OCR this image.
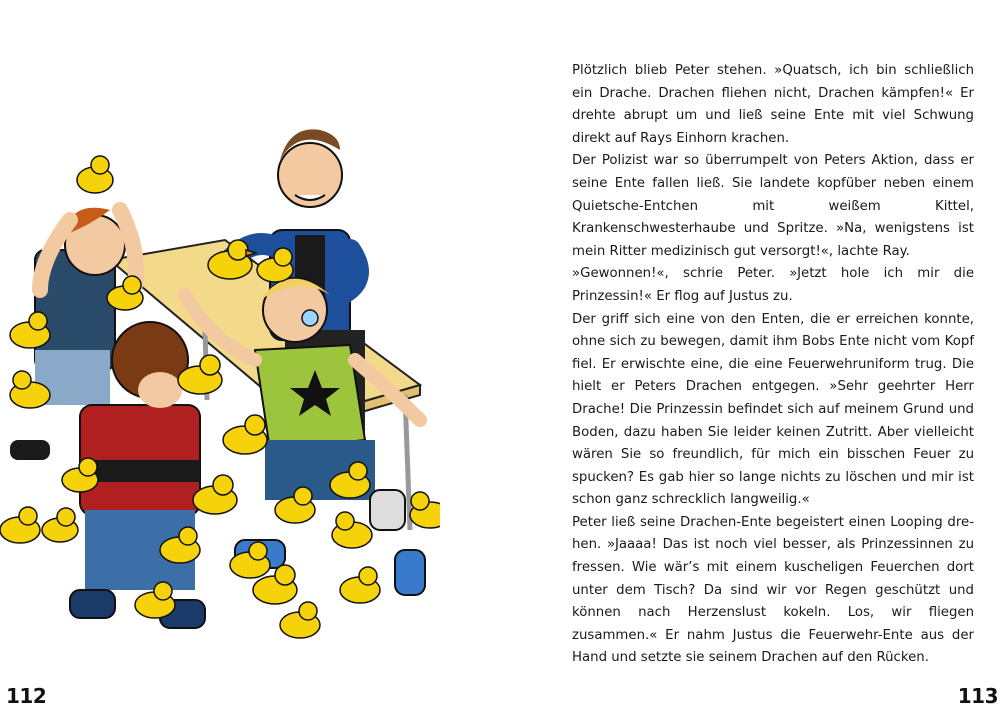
112

Plötzlich blieb Peter stehen. »Quatsch, ich bin schließlich ein Drache. Drachen fliehen nicht, Drachen kämpfen!« Er drehte abrupt um und ließ seine Ente mit viel Schwung direkt auf Rays Einhorn krachen.

Der Polizist war so überrumpelt von Peters Aktion, dass er seine Ente fallen ließ. Sie landete kopfüber neben einem Quietsche-Entchen mit weißem Kittel, Krankenschwesterhaube und Spritze. »Na, wenigstens ist mein Ritter medizinisch gut versorgt!«, lachte Ray.

»Gewonnen!«, schrie Peter. »Jetzt hole ich mir die Prinzessin!« Er flog auf Justus zu.

Der griff sich eine von den Enten, die er erreichen konnte, ohne sich zu bewegen, damit ihm Bobs Ente nicht vom Kopf fiel. Er erwischte eine, die eine Feuerwehruniform trug. Die hielt er Peters Drachen entgegen. »Sehr geehrter Herr Drache! Die Prinzessin befindet sich auf meinem Grund und Boden, dazu haben Sie leider keinen Zutritt. Aber vielleicht wären Sie so freundlich, für mich ein bisschen Feuer zu spucken? Es gab hier so lange nichts zu löschen und mir ist schon ganz schrecklich langweilig.«

Peter ließ seine Drachen-Ente begeistert einen Looping drehen. »Jaaaa! Das ist noch viel besser, als Prinzessinnen zu fressen. Wie wär’s mit einem kuscheligen Feuerchen dort unter dem Tisch? Da sind wir vor Regen geschützt und können nach Herzenslust kokeln. Los, wir fliegen zusammen.« Er nahm Justus die Feuerwehr-Ente aus der Hand und setzte sie seinem Drachen auf den Rücken.

113
